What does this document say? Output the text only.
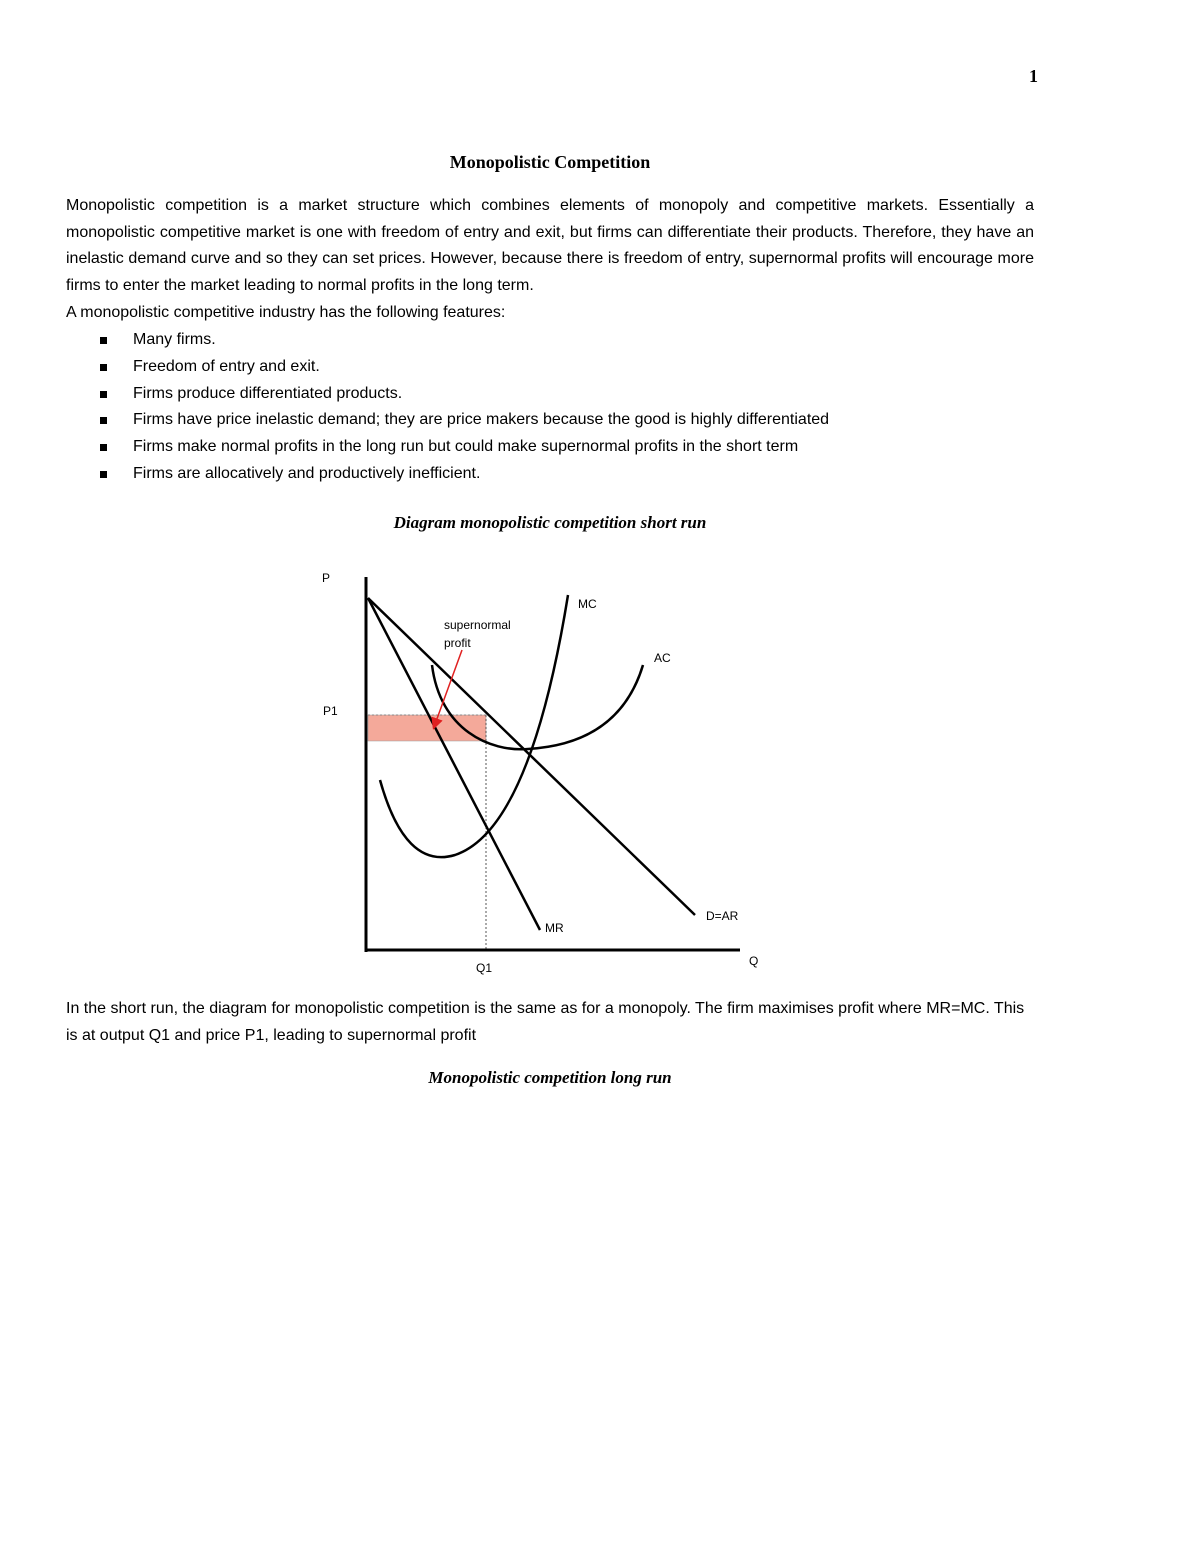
1
Monopolistic Competition
Monopolistic competition is a market structure which combines elements of monopoly and competitive markets. Essentially a monopolistic competitive market is one with freedom of entry and exit, but firms can differentiate their products. Therefore, they have an inelastic demand curve and so they can set prices. However, because there is freedom of entry, supernormal profits will encourage more firms to enter the market leading to normal profits in the long term.
A monopolistic competitive industry has the following features:
Many firms.
Freedom of entry and exit.
Firms produce differentiated products.
Firms have price inelastic demand; they are price makers because the good is highly differentiated
Firms make normal profits in the long run but could make supernormal profits in the short term
Firms are allocatively and productively inefficient.
Diagram monopolistic competition short run
P
Q
P1
Q1
MC
AC
MR
D=AR
supernormal
profit
In the short run, the diagram for monopolistic competition is the same as for a monopoly. The firm maximises profit where MR=MC. This is at output Q1 and price P1, leading to supernormal profit
Monopolistic competition long run
